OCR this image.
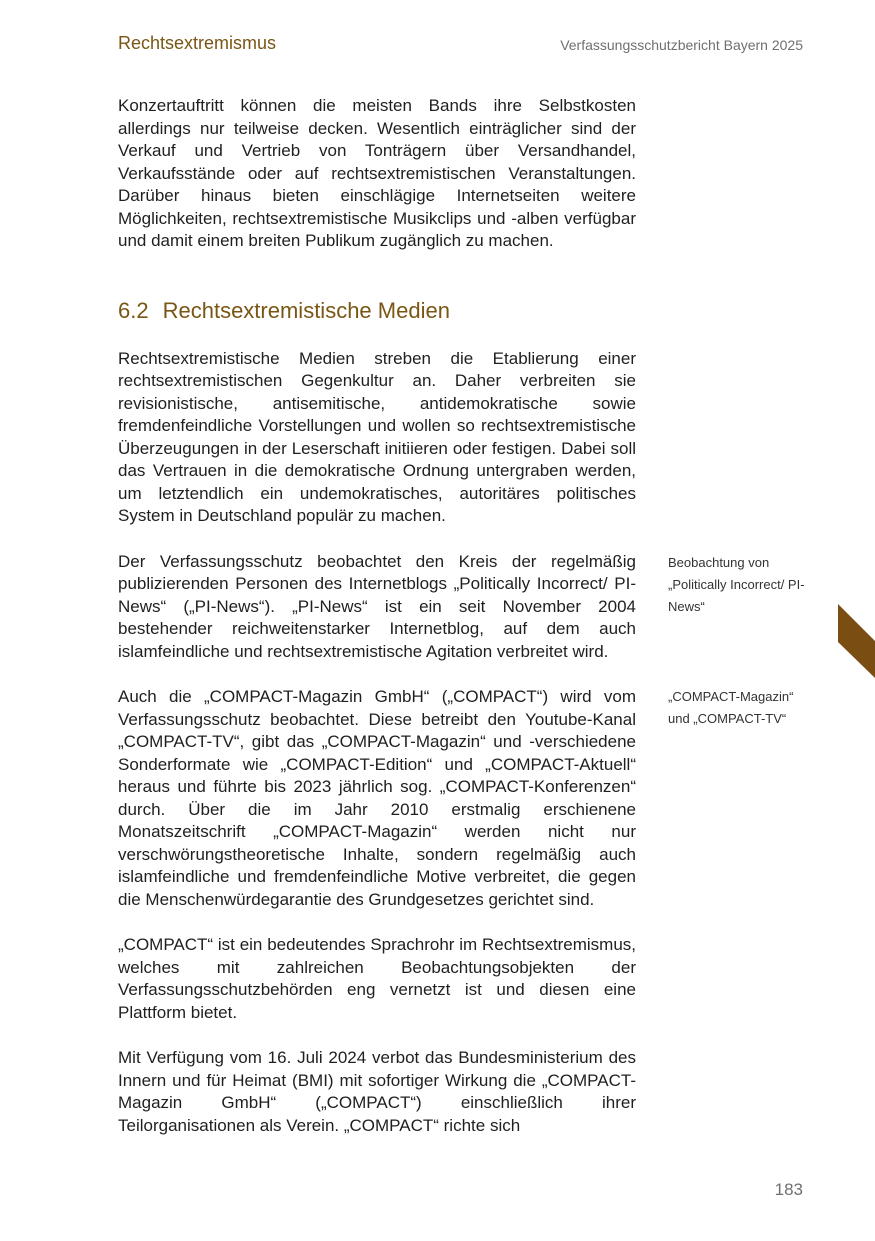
Rechtsextremismus	Verfassungsschutzbericht Bayern 2025

Konzertauftritt können die meisten Bands ihre Selbstkosten allerdings nur teilweise decken. Wesentlich einträglicher sind der Verkauf und Vertrieb von Tonträgern über Versandhandel, Verkaufsstände oder auf rechtsextremistischen Veranstaltungen. Darüber hinaus bieten einschlägige Internetseiten weitere Möglichkeiten, rechtsextremistische Musikclips und -alben verfügbar und damit einem breiten Publikum zugänglich zu machen.

6.2 Rechtsextremistische Medien

Rechtsextremistische Medien streben die Etablierung einer rechtsextremistischen Gegenkultur an. Daher verbreiten sie revisionistische, antisemitische, antidemokratische sowie fremdenfeindliche Vorstellungen und wollen so rechtsextremistische Überzeugungen in der Leserschaft initiieren oder festigen. Dabei soll das Vertrauen in die demokratische Ordnung untergraben werden, um letztendlich ein undemokratisches, autoritäres politisches System in Deutschland populär zu machen.

Der Verfassungsschutz beobachtet den Kreis der regelmäßig publizierenden Personen des Internetblogs „Politically Incorrect/ PI-News“ („PI-News“). „PI-News“ ist ein seit November 2004 bestehender reichweitenstarker Internetblog, auf dem auch islamfeindliche und rechtsextremistische Agitation verbreitet wird.

Auch die „COMPACT-Magazin GmbH“ („COMPACT“) wird vom Verfassungsschutz beobachtet. Diese betreibt den Youtube-Kanal „COMPACT-TV“, gibt das „COMPACT-Magazin“ und -verschiedene Sonderformate wie „COMPACT-Edition“ und „COMPACT-Aktuell“ heraus und führte bis 2023 jährlich sog. „COMPACT-Konferenzen“ durch. Über die im Jahr 2010 erstmalig erschienene Monatszeitschrift „COMPACT-Magazin“ werden nicht nur verschwörungstheoretische Inhalte, sondern regelmäßig auch islamfeindliche und fremdenfeindliche Motive verbreitet, die gegen die Menschenwürdegarantie des Grundgesetzes gerichtet sind.

„COMPACT“ ist ein bedeutendes Sprachrohr im Rechtsextremismus, welches mit zahlreichen Beobachtungsobjekten der Verfassungsschutzbehörden eng vernetzt ist und diesen eine Plattform bietet.

Mit Verfügung vom 16. Juli 2024 verbot das Bundesministerium des Innern und für Heimat (BMI) mit sofortiger Wirkung die „COMPACT-Magazin GmbH“ („COMPACT“) einschließlich ihrer Teilorganisationen als Verein. „COMPACT“ richte sich

Beobachtung von „Politically Incorrect/ PI-News“
„COMPACT-Magazin“ und „COMPACT-TV“
183
